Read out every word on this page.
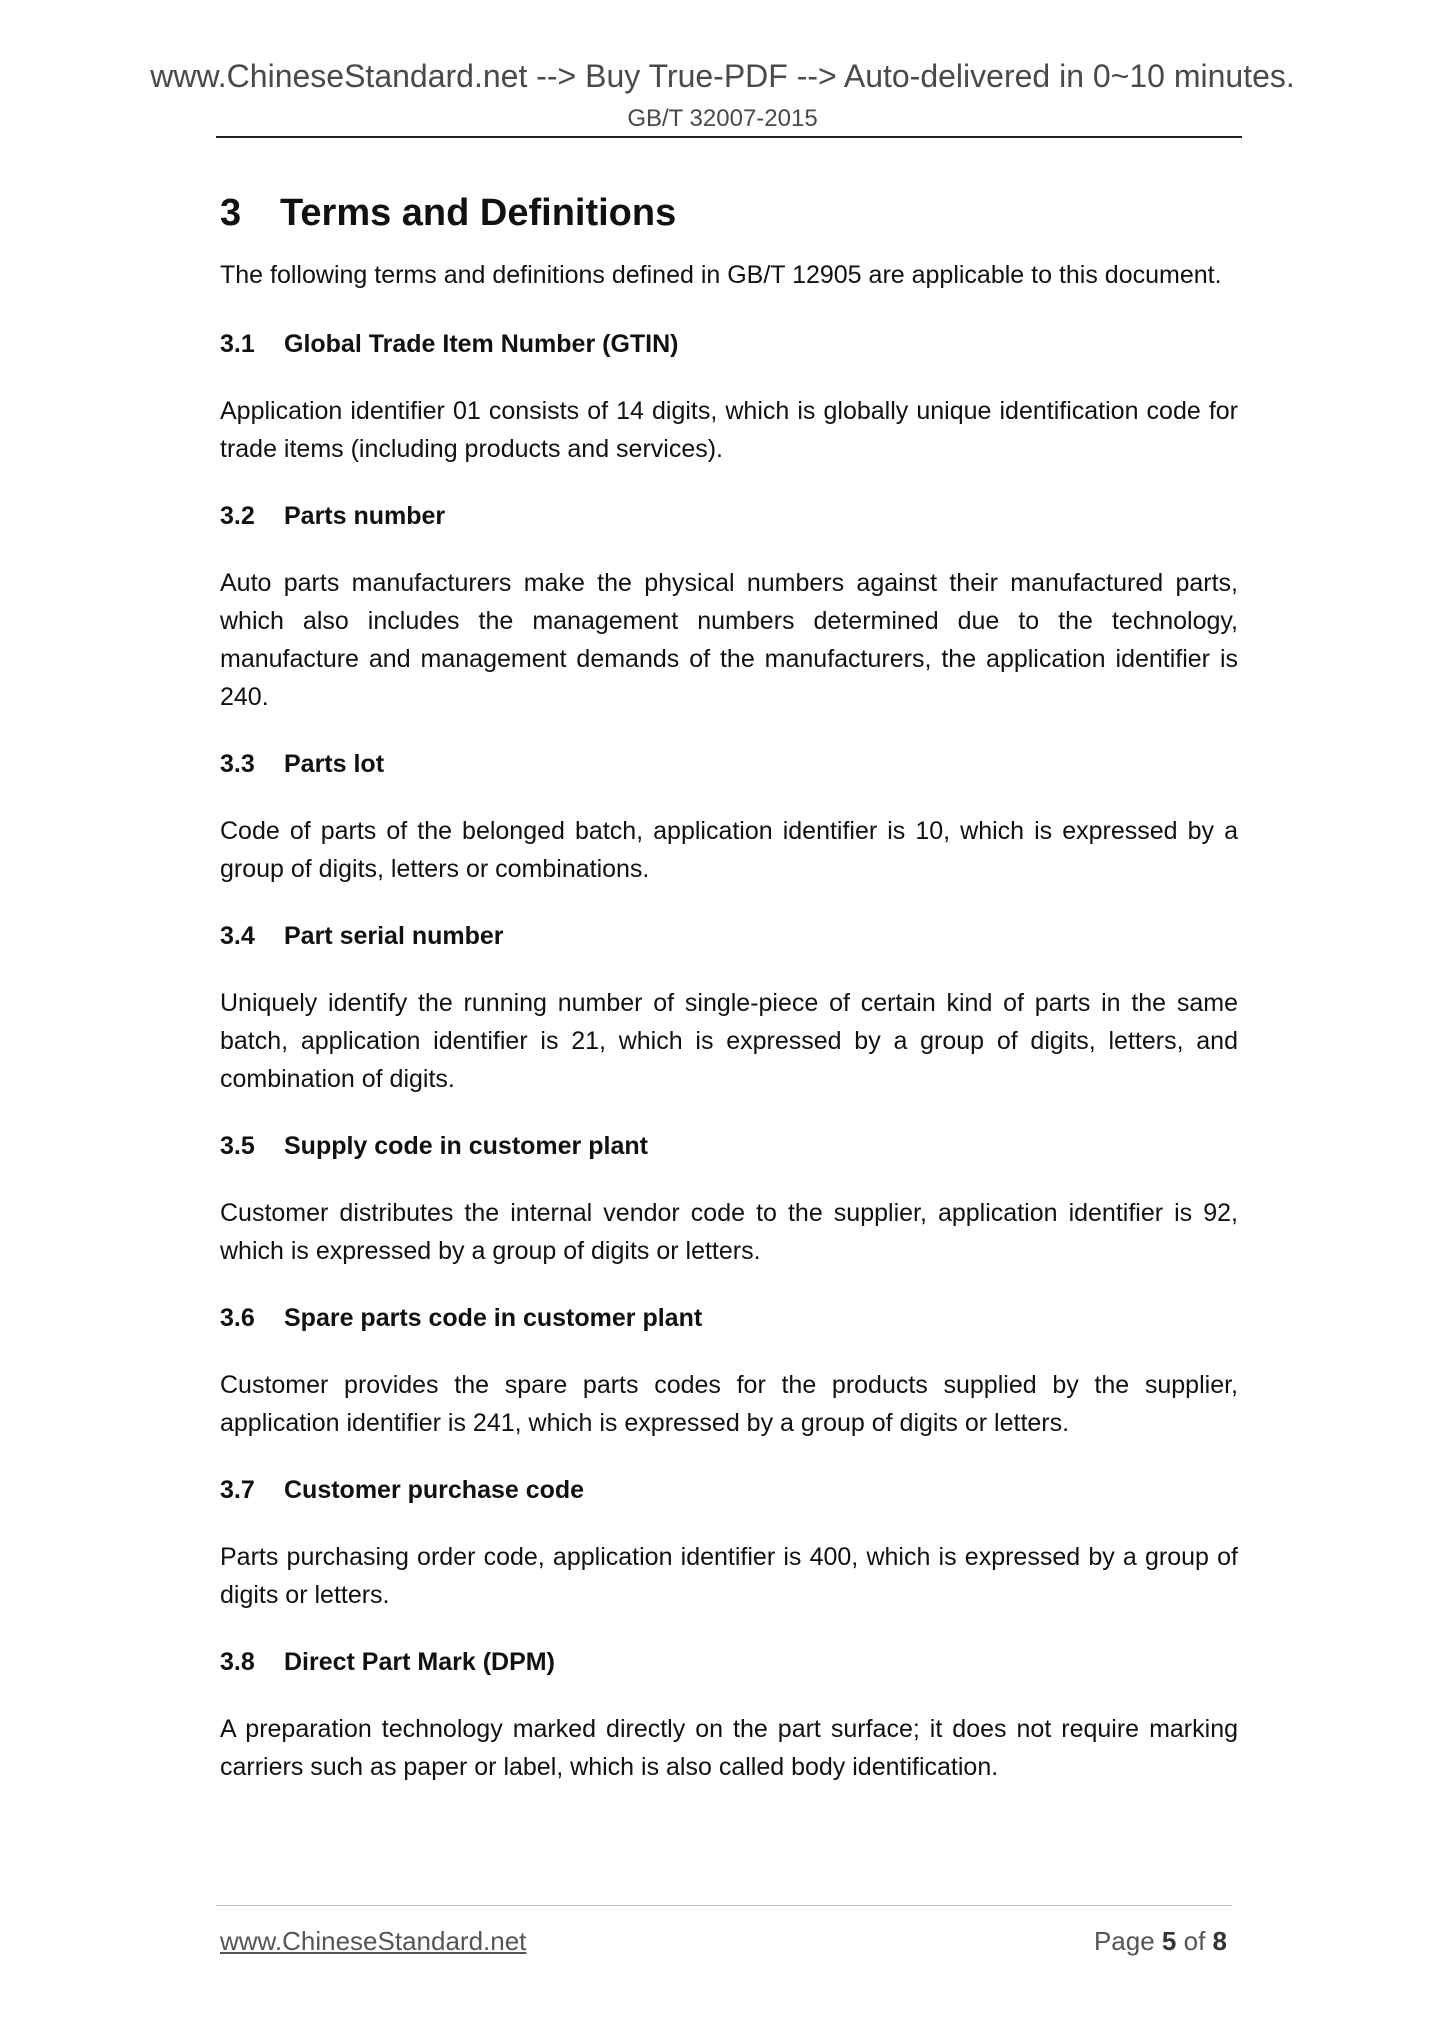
www.ChineseStandard.net --> Buy True-PDF --> Auto-delivered in 0~10 minutes.
GB/T 32007-2015
3 Terms and Definitions

The following terms and definitions defined in GB/T 12905 are applicable to this document.

3.1 Global Trade Item Number (GTIN)

Application identifier 01 consists of 14 digits, which is globally unique identification code for trade items (including products and services).

3.2 Parts number

Auto parts manufacturers make the physical numbers against their manufactured parts, which also includes the management numbers determined due to the technology, manufacture and management demands of the manufacturers, the application identifier is 240.

3.3 Parts lot

Code of parts of the belonged batch, application identifier is 10, which is expressed by a group of digits, letters or combinations.

3.4 Part serial number

Uniquely identify the running number of single-piece of certain kind of parts in the same batch, application identifier is 21, which is expressed by a group of digits, letters, and combination of digits.

3.5 Supply code in customer plant

Customer distributes the internal vendor code to the supplier, application identifier is 92, which is expressed by a group of digits or letters.

3.6 Spare parts code in customer plant

Customer provides the spare parts codes for the products supplied by the supplier, application identifier is 241, which is expressed by a group of digits or letters.

3.7 Customer purchase code

Parts purchasing order code, application identifier is 400, which is expressed by a group of digits or letters.

3.8 Direct Part Mark (DPM)

A preparation technology marked directly on the part surface; it does not require marking carriers such as paper or label, which is also called body identification.

www.ChineseStandard.net	Page 5 of 8
